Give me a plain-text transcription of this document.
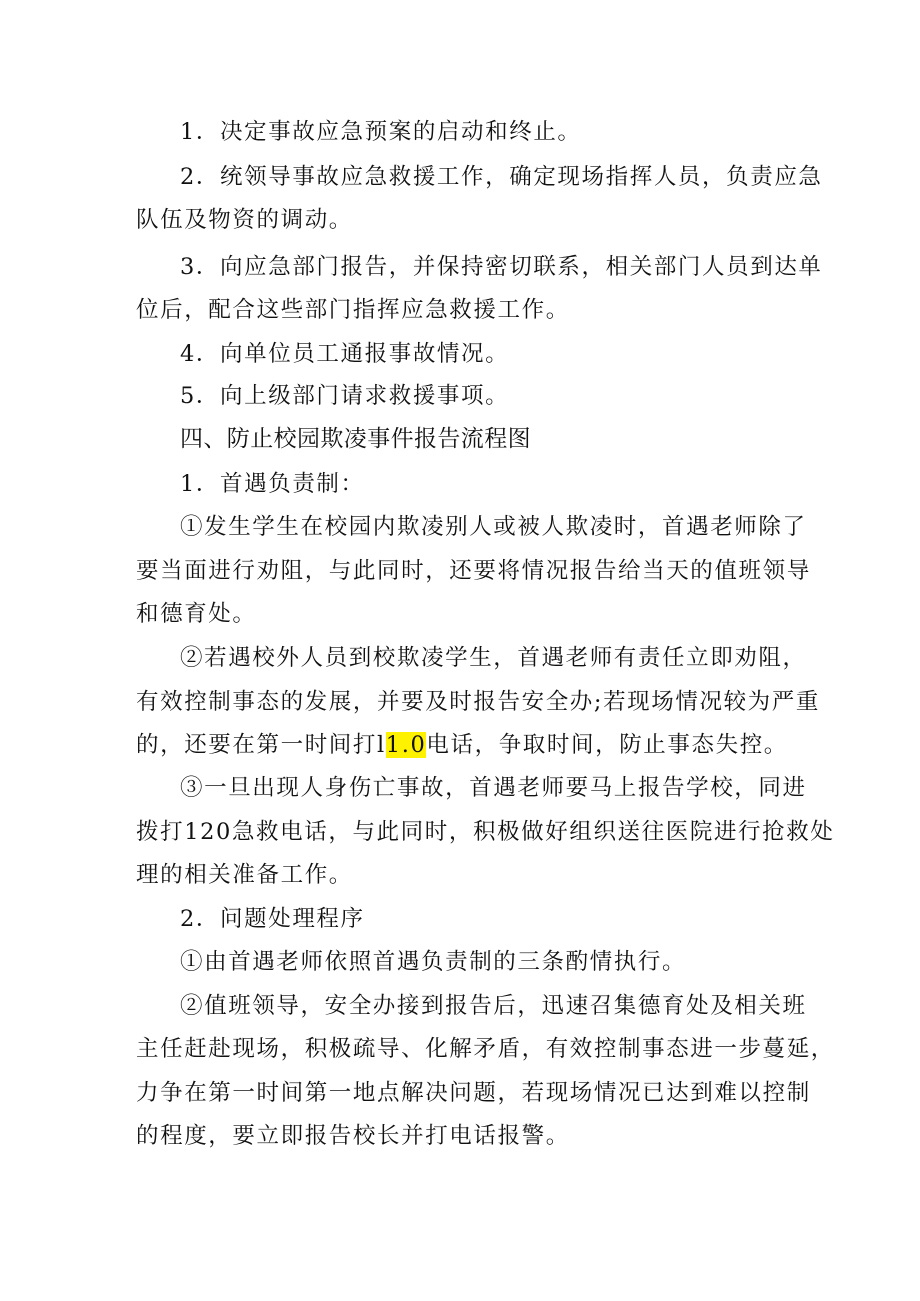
1．决定事故应急预案的启动和终止。
2．统领导事故应急救援工作，确定现场指挥人员，负责应急
队伍及物资的调动。
3．向应急部门报告，并保持密切联系，相关部门人员到达单
位后，配合这些部门指挥应急救援工作。
4．向单位员工通报事故情况。
5．向上级部门请求救援事项。
四、防止校园欺凌事件报告流程图
1．首遇负责制：
①发生学生在校园内欺凌别人或被人欺凌时，首遇老师除了
要当面进行劝阻，与此同时，还要将情况报告给当天的值班领导
和德育处。
②若遇校外人员到校欺凌学生，首遇老师有责任立即劝阻，
有效控制事态的发展，并要及时报告安全办;若现场情况较为严重
的，还要在第一时间打l1.0电话，争取时间，防止事态失控。
③一旦出现人身伤亡事故，首遇老师要马上报告学校，同进
拨打120急救电话，与此同时，积极做好组织送往医院进行抢救处
理的相关准备工作。
2．问题处理程序
①由首遇老师依照首遇负责制的三条酌情执行。
②值班领导，安全办接到报告后，迅速召集德育处及相关班
主任赶赴现场，积极疏导、化解矛盾，有效控制事态进一步蔓延，
力争在第一时间第一地点解决问题，若现场情况已达到难以控制
的程度，要立即报告校长并打电话报警。
